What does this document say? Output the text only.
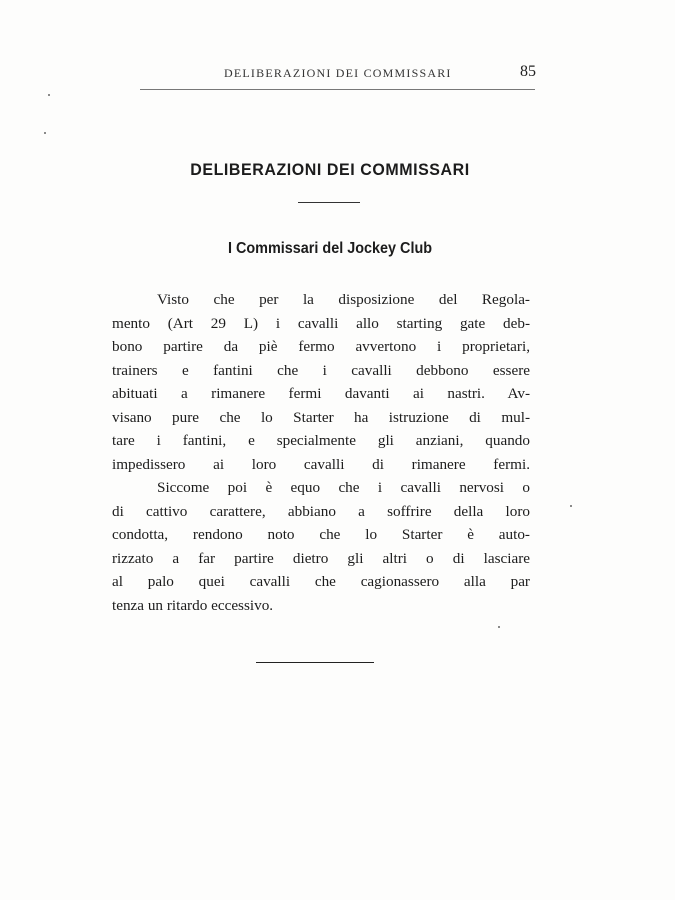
DELIBERAZIONI DEI COMMISSARI	85
DELIBERAZIONI DEI COMMISSARI
I Commissari del Jockey Club

Visto che per la disposizione del Regola-
mento (Art 29 L) i cavalli allo starting gate deb-
bono partire da piè fermo avvertono i proprietari,
trainers e fantini che i cavalli debbono essere
abituati a rimanere fermi davanti ai nastri. Av-
visano pure che lo Starter ha istruzione di mul-
tare i fantini, e specialmente gli anziani, quando
impedissero ai loro cavalli di rimanere fermi.

Siccome poi è equo che i cavalli nervosi o
di cattivo carattere, abbiano a soffrire della loro
condotta, rendono noto che lo Starter è auto-
rizzato a far partire dietro gli altri o di lasciare
al palo quei cavalli che cagionassero alla par
tenza un ritardo eccessivo.
